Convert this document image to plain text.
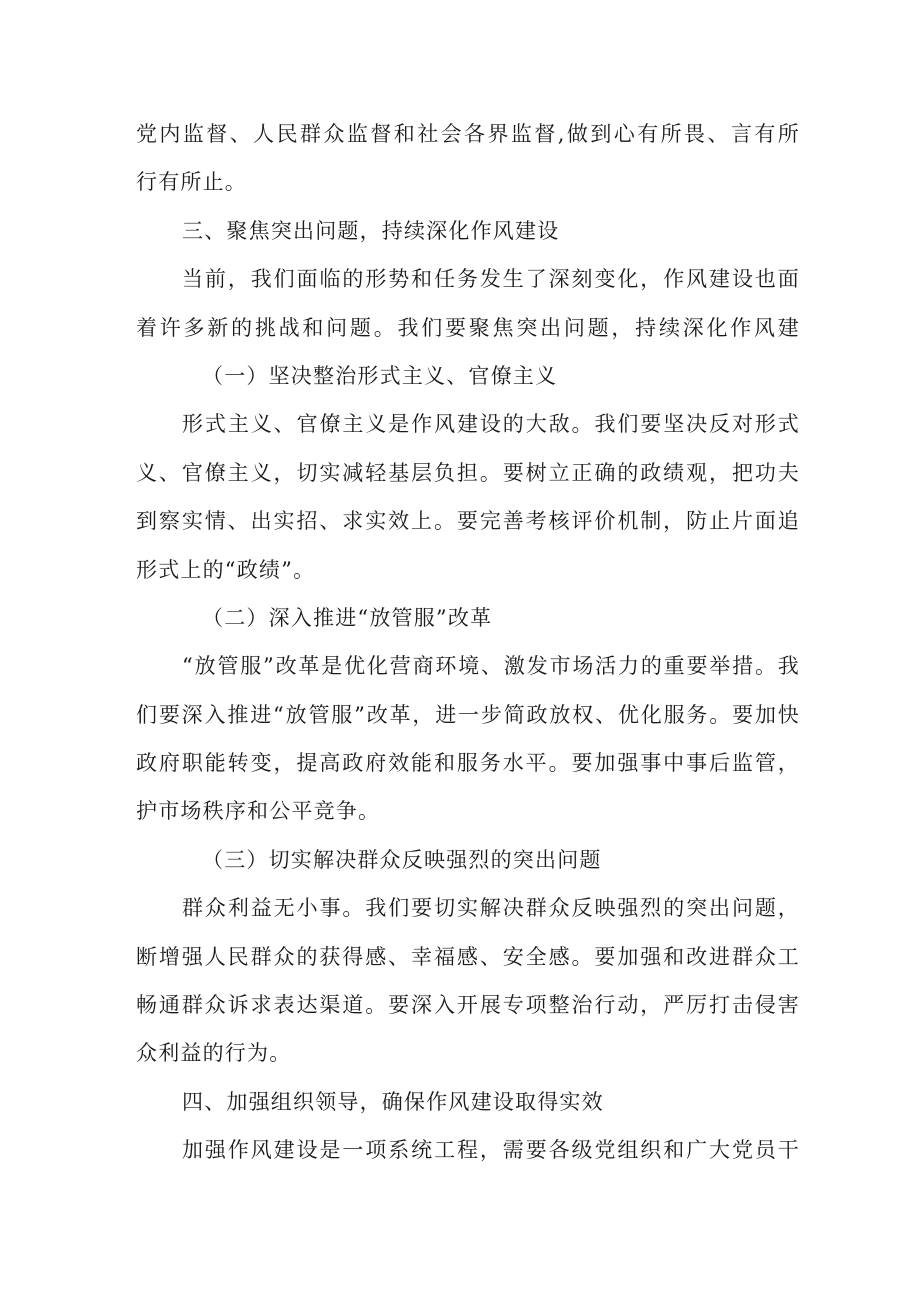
党内监督、人民群众监督和社会各界监督,做到心有所畏、言有所
行有所止。
三、聚焦突出问题，持续深化作风建设
当前，我们面临的形势和任务发生了深刻变化，作风建设也面
着许多新的挑战和问题。我们要聚焦突出问题，持续深化作风建
（一）坚决整治形式主义、官僚主义
形式主义、官僚主义是作风建设的大敌。我们要坚决反对形式
义、官僚主义，切实减轻基层负担。要树立正确的政绩观，把功夫
到察实情、出实招、求实效上。要完善考核评价机制，防止片面追
形式上的“政绩”。
（二）深入推进“放管服”改革
“放管服”改革是优化营商环境、激发市场活力的重要举措。我
们要深入推进“放管服”改革，进一步简政放权、优化服务。要加快
政府职能转变，提高政府效能和服务水平。要加强事中事后监管，
护市场秩序和公平竞争。
（三）切实解决群众反映强烈的突出问题
群众利益无小事。我们要切实解决群众反映强烈的突出问题，
断增强人民群众的获得感、幸福感、安全感。要加强和改进群众工
畅通群众诉求表达渠道。要深入开展专项整治行动，严厉打击侵害
众利益的行为。
四、加强组织领导，确保作风建设取得实效
加强作风建设是一项系统工程，需要各级党组织和广大党员干
